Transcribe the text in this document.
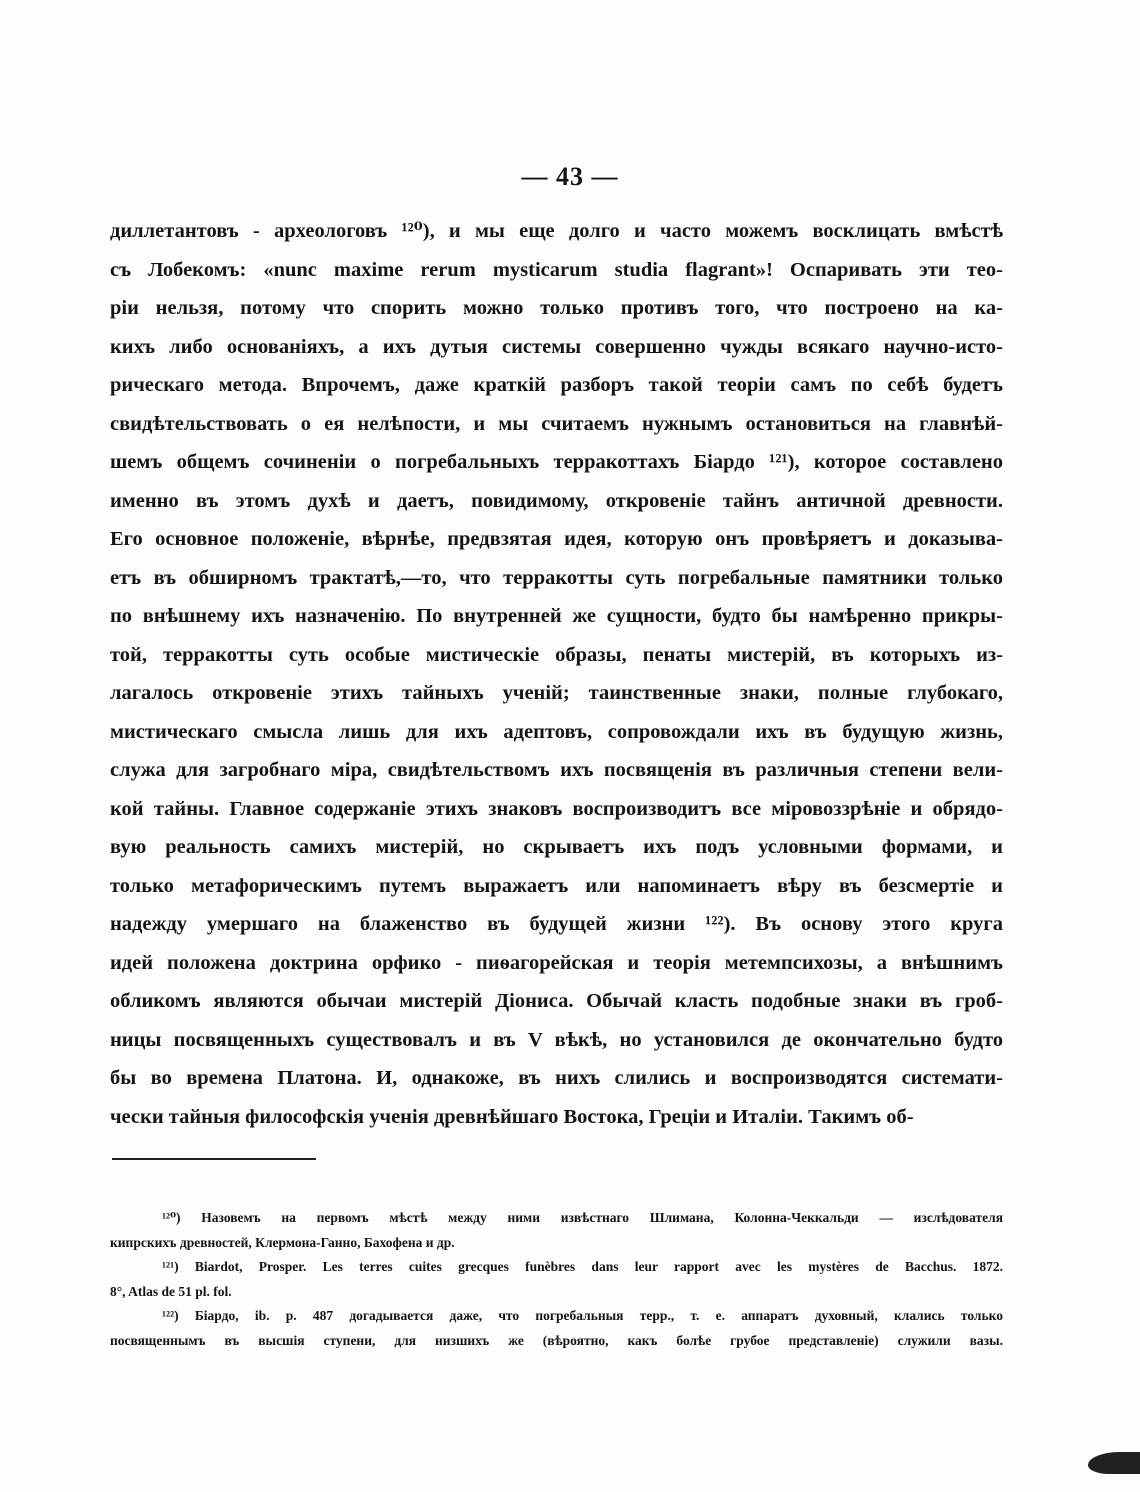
— 43 —
диллетантовъ - археологовъ ¹²⁰), и мы еще долго и часто можемъ восклицать вмѣстѣ
съ Лобекомъ: «nunc maxime rerum mysticarum studia flagrant»! Оспаривать эти тео-
ріи нельзя, потому что спорить можно только противъ того, что построено на ка-
кихъ либо основаніяхъ, а ихъ дутыя системы совершенно чужды всякаго научно-исто-
рическаго метода. Впрочемъ, даже краткій разборъ такой теоріи самъ по себѣ будетъ
свидѣтельствовать о ея нелѣпости, и мы считаемъ нужнымъ остановиться на главнѣй-
шемъ общемъ сочиненіи о погребальныхъ терракоттахъ Біардо ¹²¹), которое составлено
именно въ этомъ духѣ и даетъ, повидимому, откровеніе тайнъ античной древности.
Его основное положеніе, вѣрнѣе, предвзятая идея, которую онъ провѣряетъ и доказыва-
етъ въ обширномъ трактатѣ,—то, что терракотты суть погребальные памятники только
по внѣшнему ихъ назначенію. По внутренней же сущности, будто бы намѣренно прикры-
той, терракотты суть особые мистическіе образы, пенаты мистерій, въ которыхъ из-
лагалось откровеніе этихъ тайныхъ ученій; таинственные знаки, полные глубокаго,
мистическаго смысла лишь для ихъ адептовъ, сопровождали ихъ въ будущую жизнь,
служа для загробнаго міра, свидѣтельствомъ ихъ посвященія въ различныя степени вели-
кой тайны. Главное содержаніе этихъ знаковъ воспроизводитъ все міровоззрѣніе и обрядо-
вую реальность самихъ мистерій, но скрываетъ ихъ подъ условными формами, и
только метафорическимъ путемъ выражаетъ или напоминаетъ вѣру въ безсмертіе и
надежду умершаго на блаженство въ будущей жизни ¹²²). Въ основу этого круга
идей положена доктрина орфико - пиѳагорейская и теорія метемпсихозы, а внѣшнимъ
обликомъ являются обычаи мистерій Діониса. Обычай класть подобные знаки въ гроб-
ницы посвященныхъ существовалъ и въ V вѣкѣ, но установился де окончательно будто
бы во времена Платона. И, однакоже, въ нихъ слились и воспроизводятся системати-
чески тайныя философскія ученія древнѣйшаго Востока, Греціи и Италіи. Такимъ об-
¹²⁰) Назовемъ на первомъ мѣстѣ между ними извѣстнаго Шлимана, Колонна-Чеккальди — изслѣдователя
кипрскихъ древностей, Клермона-Ганно, Бахофена и др.
¹²¹) Biardot, Prosper. Les terres cuites grecques funèbres dans leur rapport avec les mystères de Bacchus. 1872.
8°, Atlas de 51 pl. fol.
¹²²) Біардо, ib. p. 487 догадывается даже, что погребальныя терр., т. е. аппаратъ духовный, клались только
посвященнымъ въ высшія ступени, для низшихъ же (вѣроятно, какъ болѣе грубое представленіе) служили вазы.
